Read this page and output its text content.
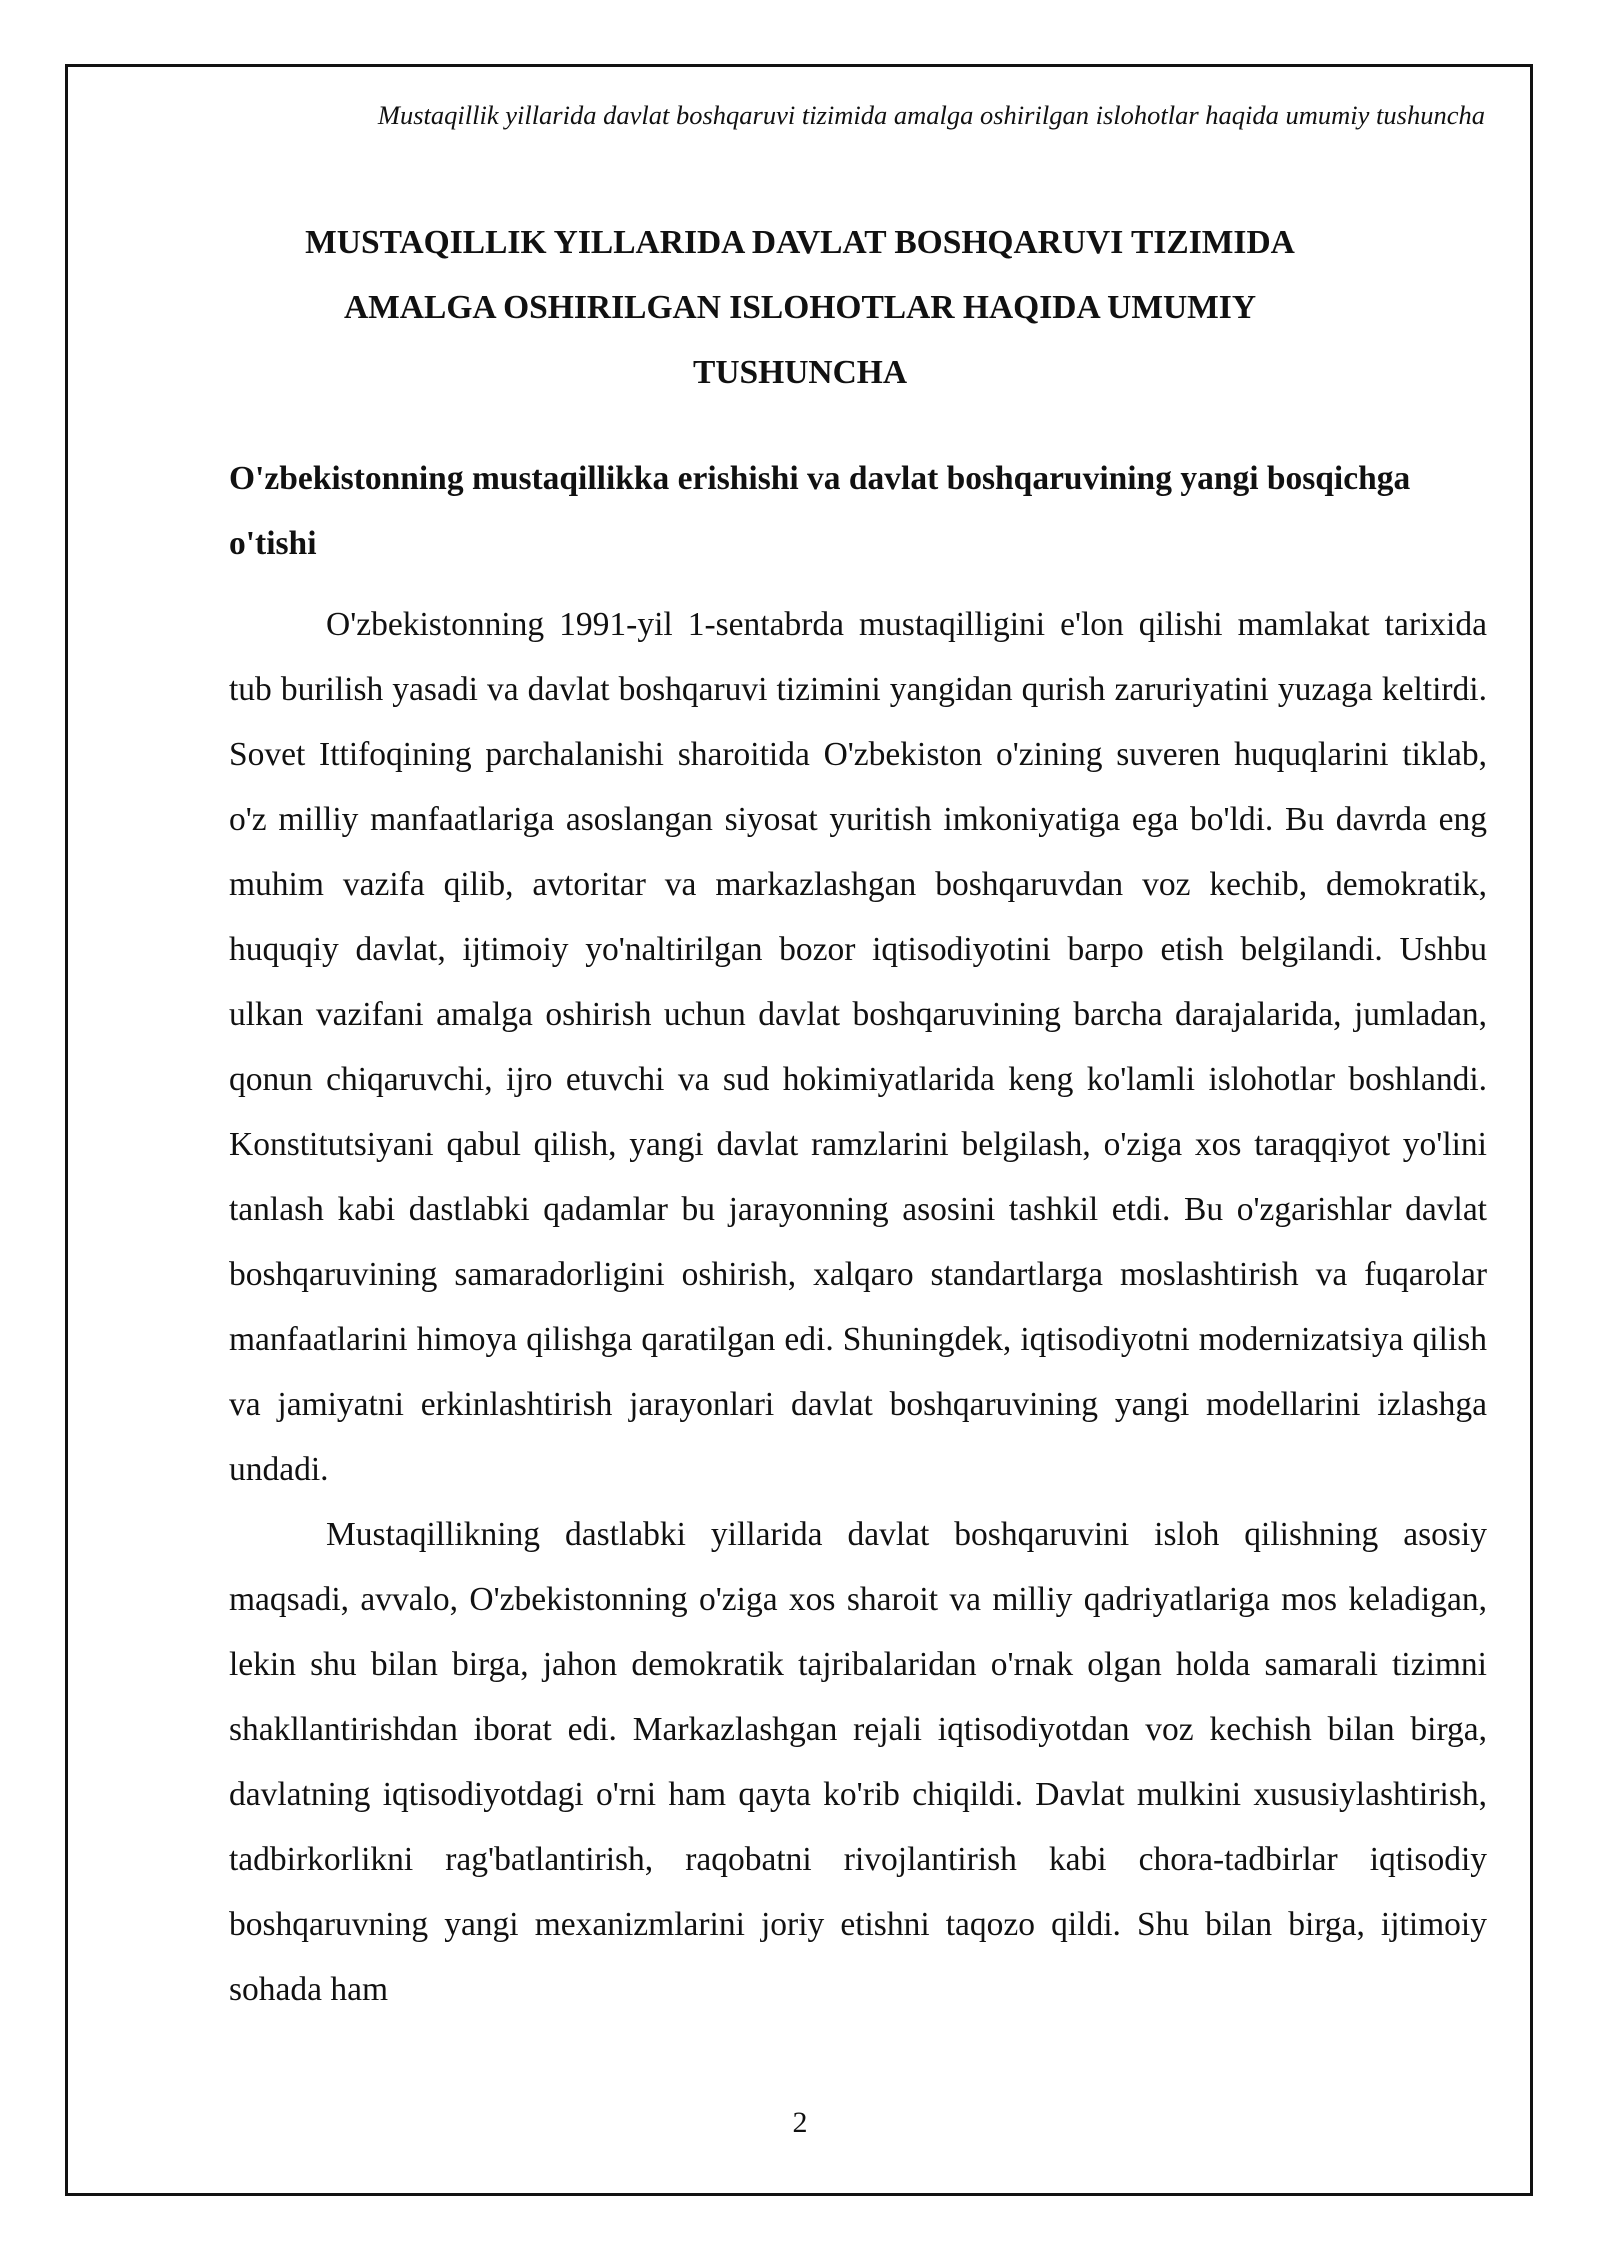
Mustaqillik yillarida davlat boshqaruvi tizimida amalga oshirilgan islohotlar haqida umumiy tushuncha
MUSTAQILLIK YILLARIDA DAVLAT BOSHQARUVI TIZIMIDA
AMALGA OSHIRILGAN ISLOHOTLAR HAQIDA UMUMIY
TUSHUNCHA
O'zbekistonning mustaqillikka erishishi va davlat boshqaruvining yangi bosqichga o'tishi

O'zbekistonning 1991-yil 1-sentabrda mustaqilligini e'lon qilishi mamlakat tarixida tub burilish yasadi va davlat boshqaruvi tizimini yangidan qurish zaruriyatini yuzaga keltirdi. Sovet Ittifoqining parchalanishi sharoitida O'zbekiston o'zining suveren huquqlarini tiklab, o'z milliy manfaatlariga asoslangan siyosat yuritish imkoniyatiga ega bo'ldi. Bu davrda eng muhim vazifa qilib, avtoritar va markazlashgan boshqaruvdan voz kechib, demokratik, huquqiy davlat, ijtimoiy yo'naltirilgan bozor iqtisodiyotini barpo etish belgilandi. Ushbu ulkan vazifani amalga oshirish uchun davlat boshqaruvining barcha darajalarida, jumladan, qonun chiqaruvchi, ijro etuvchi va sud hokimiyatlarida keng ko'lamli islohotlar boshlandi. Konstitutsiyani qabul qilish, yangi davlat ramzlarini belgilash, o'ziga xos taraqqiyot yo'lini tanlash kabi dastlabki qadamlar bu jarayonning asosini tashkil etdi. Bu o'zgarishlar davlat boshqaruvining samaradorligini oshirish, xalqaro standartlarga moslashtirish va fuqarolar manfaatlarini himoya qilishga qaratilgan edi. Shuningdek, iqtisodiyotni modernizatsiya qilish va jamiyatni erkinlashtirish jarayonlari davlat boshqaruvining yangi modellarini izlashga undadi.

Mustaqillikning dastlabki yillarida davlat boshqaruvini isloh qilishning asosiy maqsadi, avvalo, O'zbekistonning o'ziga xos sharoit va milliy qadriyatlariga mos keladigan, lekin shu bilan birga, jahon demokratik tajribalaridan o'rnak olgan holda samarali tizimni shakllantirishdan iborat edi. Markazlashgan rejali iqtisodiyotdan voz kechish bilan birga, davlatning iqtisodiyotdagi o'rni ham qayta ko'rib chiqildi. Davlat mulkini xususiylashtirish, tadbirkorlikni rag'batlantirish, raqobatni rivojlantirish kabi chora-tadbirlar iqtisodiy boshqaruvning yangi mexanizmlarini joriy etishni taqozo qildi. Shu bilan birga, ijtimoiy sohada ham

2
